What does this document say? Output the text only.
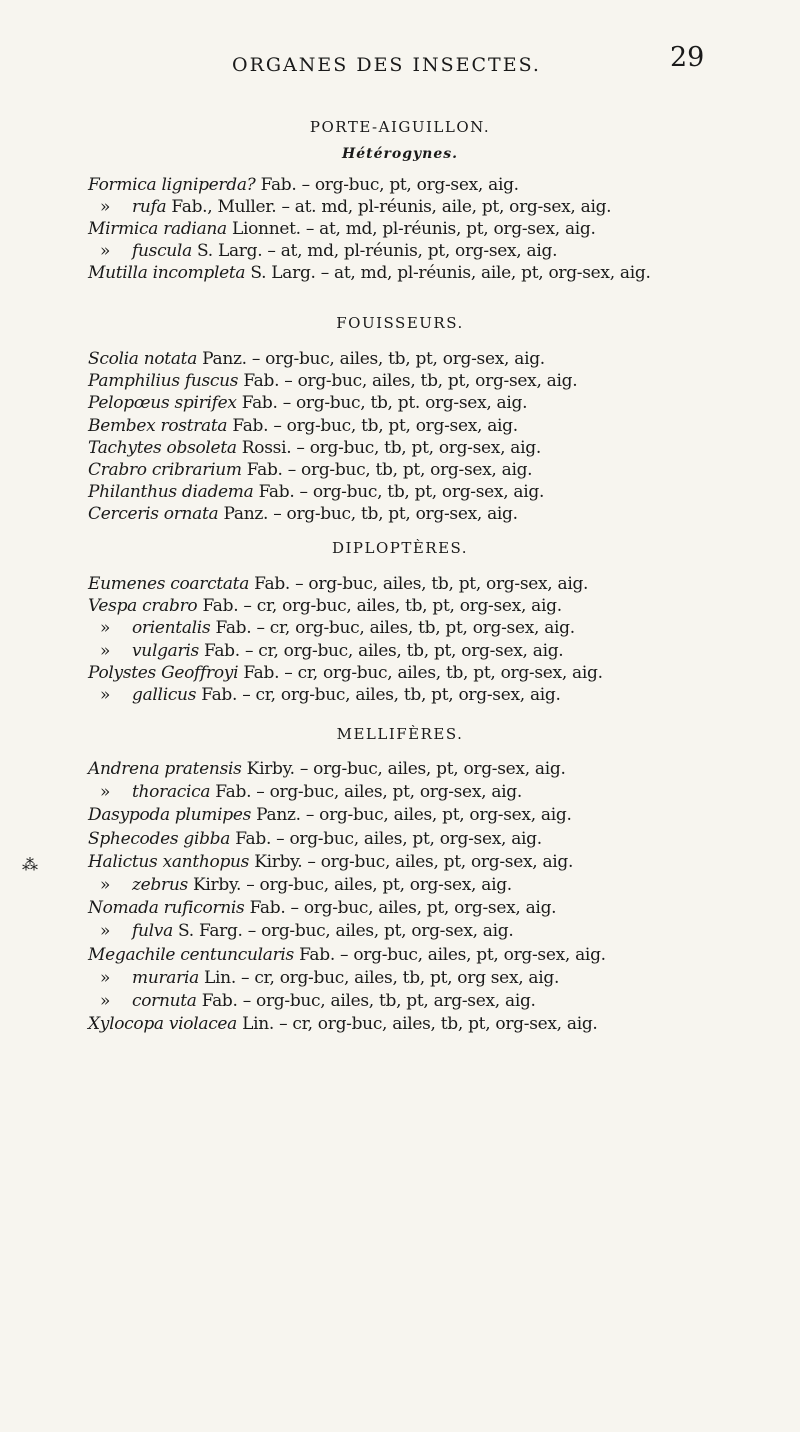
ORGANES DES INSECTES.	29
PORTE-AIGUILLON.
Hétérogynes.
Formica ligniperda? Fab. – org-buc, pt, org-sex, aig.
» rufa Fab., Muller. – at. md, pl-réunis, aile, pt, org-sex, aig.
Mirmica radiana Lionnet. – at, md, pl-réunis, pt, org-sex, aig.
» fuscula S. Larg. – at, md, pl-réunis, pt, org-sex, aig.
Mutilla incompleta S. Larg. – at, md, pl-réunis, aile, pt, org-sex, aig.
FOUISSEURS.
Scolia notata Panz. – org-buc, ailes, tb, pt, org-sex, aig.
Pamphilius fuscus Fab. – org-buc, ailes, tb, pt, org-sex, aig.
Pelopœus spirifex Fab. – org-buc, tb, pt. org-sex, aig.
Bembex rostrata Fab. – org-buc, tb, pt, org-sex, aig.
Tachytes obsoleta Rossi. – org-buc, tb, pt, org-sex, aig.
Crabro cribrarium Fab. – org-buc, tb, pt, org-sex, aig.
Philanthus diadema Fab. – org-buc, tb, pt, org-sex, aig.
Cerceris ornata Panz. – org-buc, tb, pt, org-sex, aig.
DIPLOPTÈRES.
Eumenes coarctata Fab. – org-buc, ailes, tb, pt, org-sex, aig.
Vespa crabro Fab. – cr, org-buc, ailes, tb, pt, org-sex, aig.
» orientalis Fab. – cr, org-buc, ailes, tb, pt, org-sex, aig.
» vulgaris Fab. – cr, org-buc, ailes, tb, pt, org-sex, aig.
Polystes Geoffroyi Fab. – cr, org-buc, ailes, tb, pt, org-sex, aig.
» gallicus Fab. – cr, org-buc, ailes, tb, pt, org-sex, aig.
MELLIFÈRES.
Andrena pratensis Kirby. – org-buc, ailes, pt, org-sex, aig.
» thoracica Fab. – org-buc, ailes, pt, org-sex, aig.
Dasypoda plumipes Panz. – org-buc, ailes, pt, org-sex, aig.
Sphecodes gibba Fab. – org-buc, ailes, pt, org-sex, aig.
Halictus xanthopus Kirby. – org-buc, ailes, pt, org-sex, aig.
» zebrus Kirby. – org-buc, ailes, pt, org-sex, aig.
Nomada ruficornis Fab. – org-buc, ailes, pt, org-sex, aig.
» fulva S. Farg. – org-buc, ailes, pt, org-sex, aig.
Megachile centuncularis Fab. – org-buc, ailes, pt, org-sex, aig.
» muraria Lin. – cr, org-buc, ailes, tb, pt, org sex, aig.
» cornuta Fab. – org-buc, ailes, tb, pt, arg-sex, aig.
Xylocopa violacea Lin. – cr, org-buc, ailes, tb, pt, org-sex, aig.
⁂
